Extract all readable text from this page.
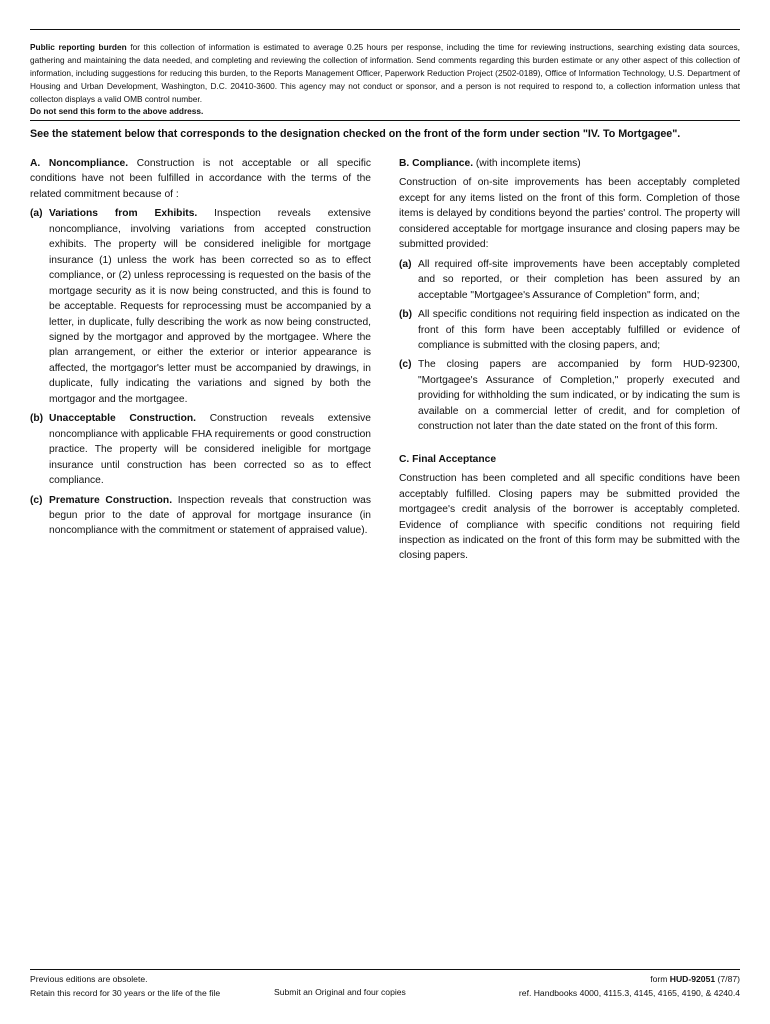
Public reporting burden for this collection of information is estimated to average 0.25 hours per response, including the time for reviewing instructions, searching existing data sources, gathering and maintaining the data needed, and completing and reviewing the collection of information. Send comments regarding this burden estimate or any other aspect of this collection of information, including suggestions for reducing this burden, to the Reports Management Officer, Paperwork Reduction Project (2502-0189), Office of Information Technology, U.S. Department of Housing and Urban Development, Washington, D.C. 20410-3600. This agency may not conduct or sponsor, and a person is not required to respond to, a collection information unless that collecton displays a valid OMB control number.
Do not send this form to the above address.
See the statement below that corresponds to the designation checked on the front of the form under section "IV. To Mortgagee".

A. Noncompliance. Construction is not acceptable or all specific conditions have not been fulfilled in accordance with the terms of the related commitment because of :

(a) Variations from Exhibits. Inspection reveals extensive noncompliance, involving variations from accepted construction exhibits. The property will be considered ineligible for mortgage insurance (1) unless the work has been corrected so as to effect compliance, or (2) unless reprocessing is requested on the basis of the mortgage security as it is now being constructed, and this is found to be acceptable. Requests for reprocessing must be accompanied by a letter, in duplicate, fully describing the work as now being constructed, signed by the mortgagor and approved by the mortgagee. Where the plan arrangement, or either the exterior or interior appearance is affected, the mortgagor's letter must be accompanied by drawings, in duplicate, fully indicating the variations and signed by both the mortgagor and the mortgagee.
(b) Unacceptable Construction. Construction reveals extensive noncompliance with applicable FHA requirements or good construction practice. The property will be considered ineligible for mortgage insurance until construction has been corrected so as to effect compliance.
(c) Premature Construction. Inspection reveals that construction was begun prior to the date of approval for mortgage insurance (in noncompliance with the commitment or statement of appraised value).

B. Compliance. (with incomplete items)

Construction of on-site improvements has been acceptably completed except for any items listed on the front of this form. Completion of those items is delayed by conditions beyond the parties' control. The property will considered acceptable for mortgage insurance and closing papers may be submitted provided:

(a) All required off-site improvements have been acceptably completed and so reported, or their completion has been assured by an acceptable "Mortgagee's Assurance of Completion" form, and;
(b) All specific conditions not requiring field inspection as indicated on the front of this form have been acceptably fulfilled or evidence of compliance is submitted with the closing papers, and;
(c) The closing papers are accompanied by form HUD-92300, "Mortgagee's Assurance of Completion," properly executed and providing for withholding the sum indicated, or by indicating the sum is available on a commercial letter of credit, and for completion of construction not later than the date stated on the front of this form.

C. Final Acceptance

Construction has been completed and all specific conditions have been acceptably fulfilled. Closing papers may be submitted provided the mortgagee's credit analysis of the borrower is acceptably completed. Evidence of compliance with specific conditions not requiring field inspection as indicated on the front of this form may be submitted with the closing papers.

Previous editions are obsolete.
Retain this record for 30 years or the life of the file	Submit an Original and four copies
form HUD-92051 (7/87)
ref. Handbooks 4000, 4115.3, 4145, 4165, 4190, & 4240.4
